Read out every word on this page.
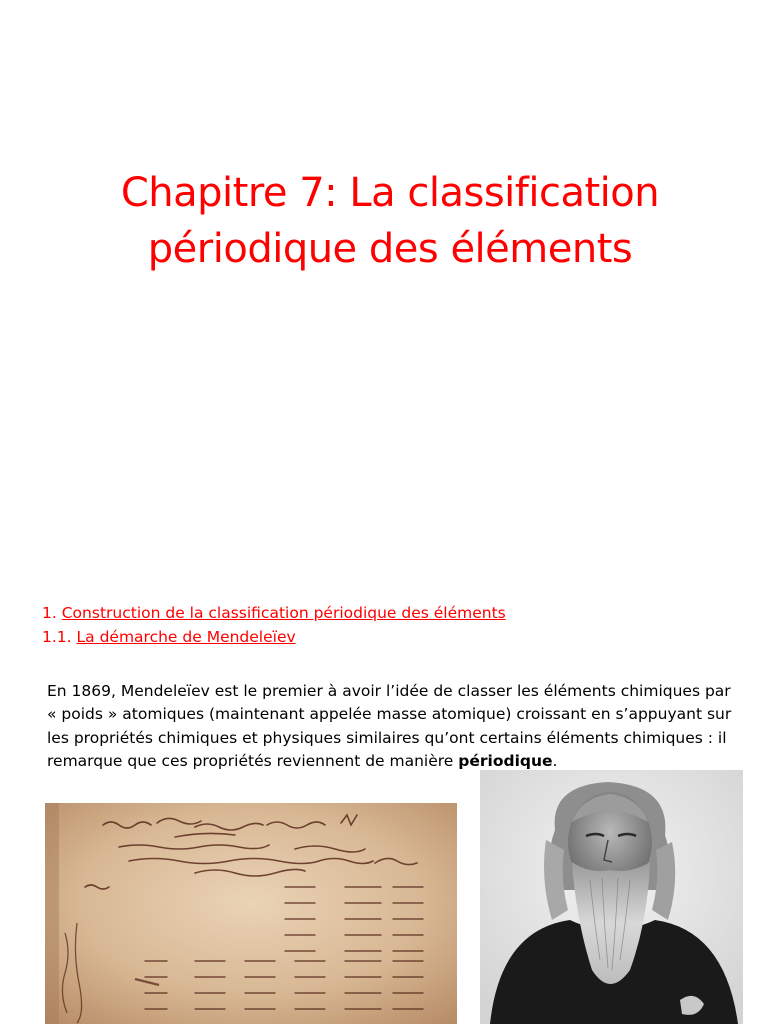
Chapitre 7: La classification
périodique des éléments
1. Construction de la classification périodique des éléments
1.1. La démarche de Mendeleïev

En 1869, Mendeleïev est le premier à avoir l’idée de classer les éléments chimiques par « poids » atomiques (maintenant appelée masse atomique) croissant en s’appuyant sur les propriétés chimiques et physiques similaires qu’ont certains éléments chimiques : il remarque que ces propriétés reviennent de manière périodique.
